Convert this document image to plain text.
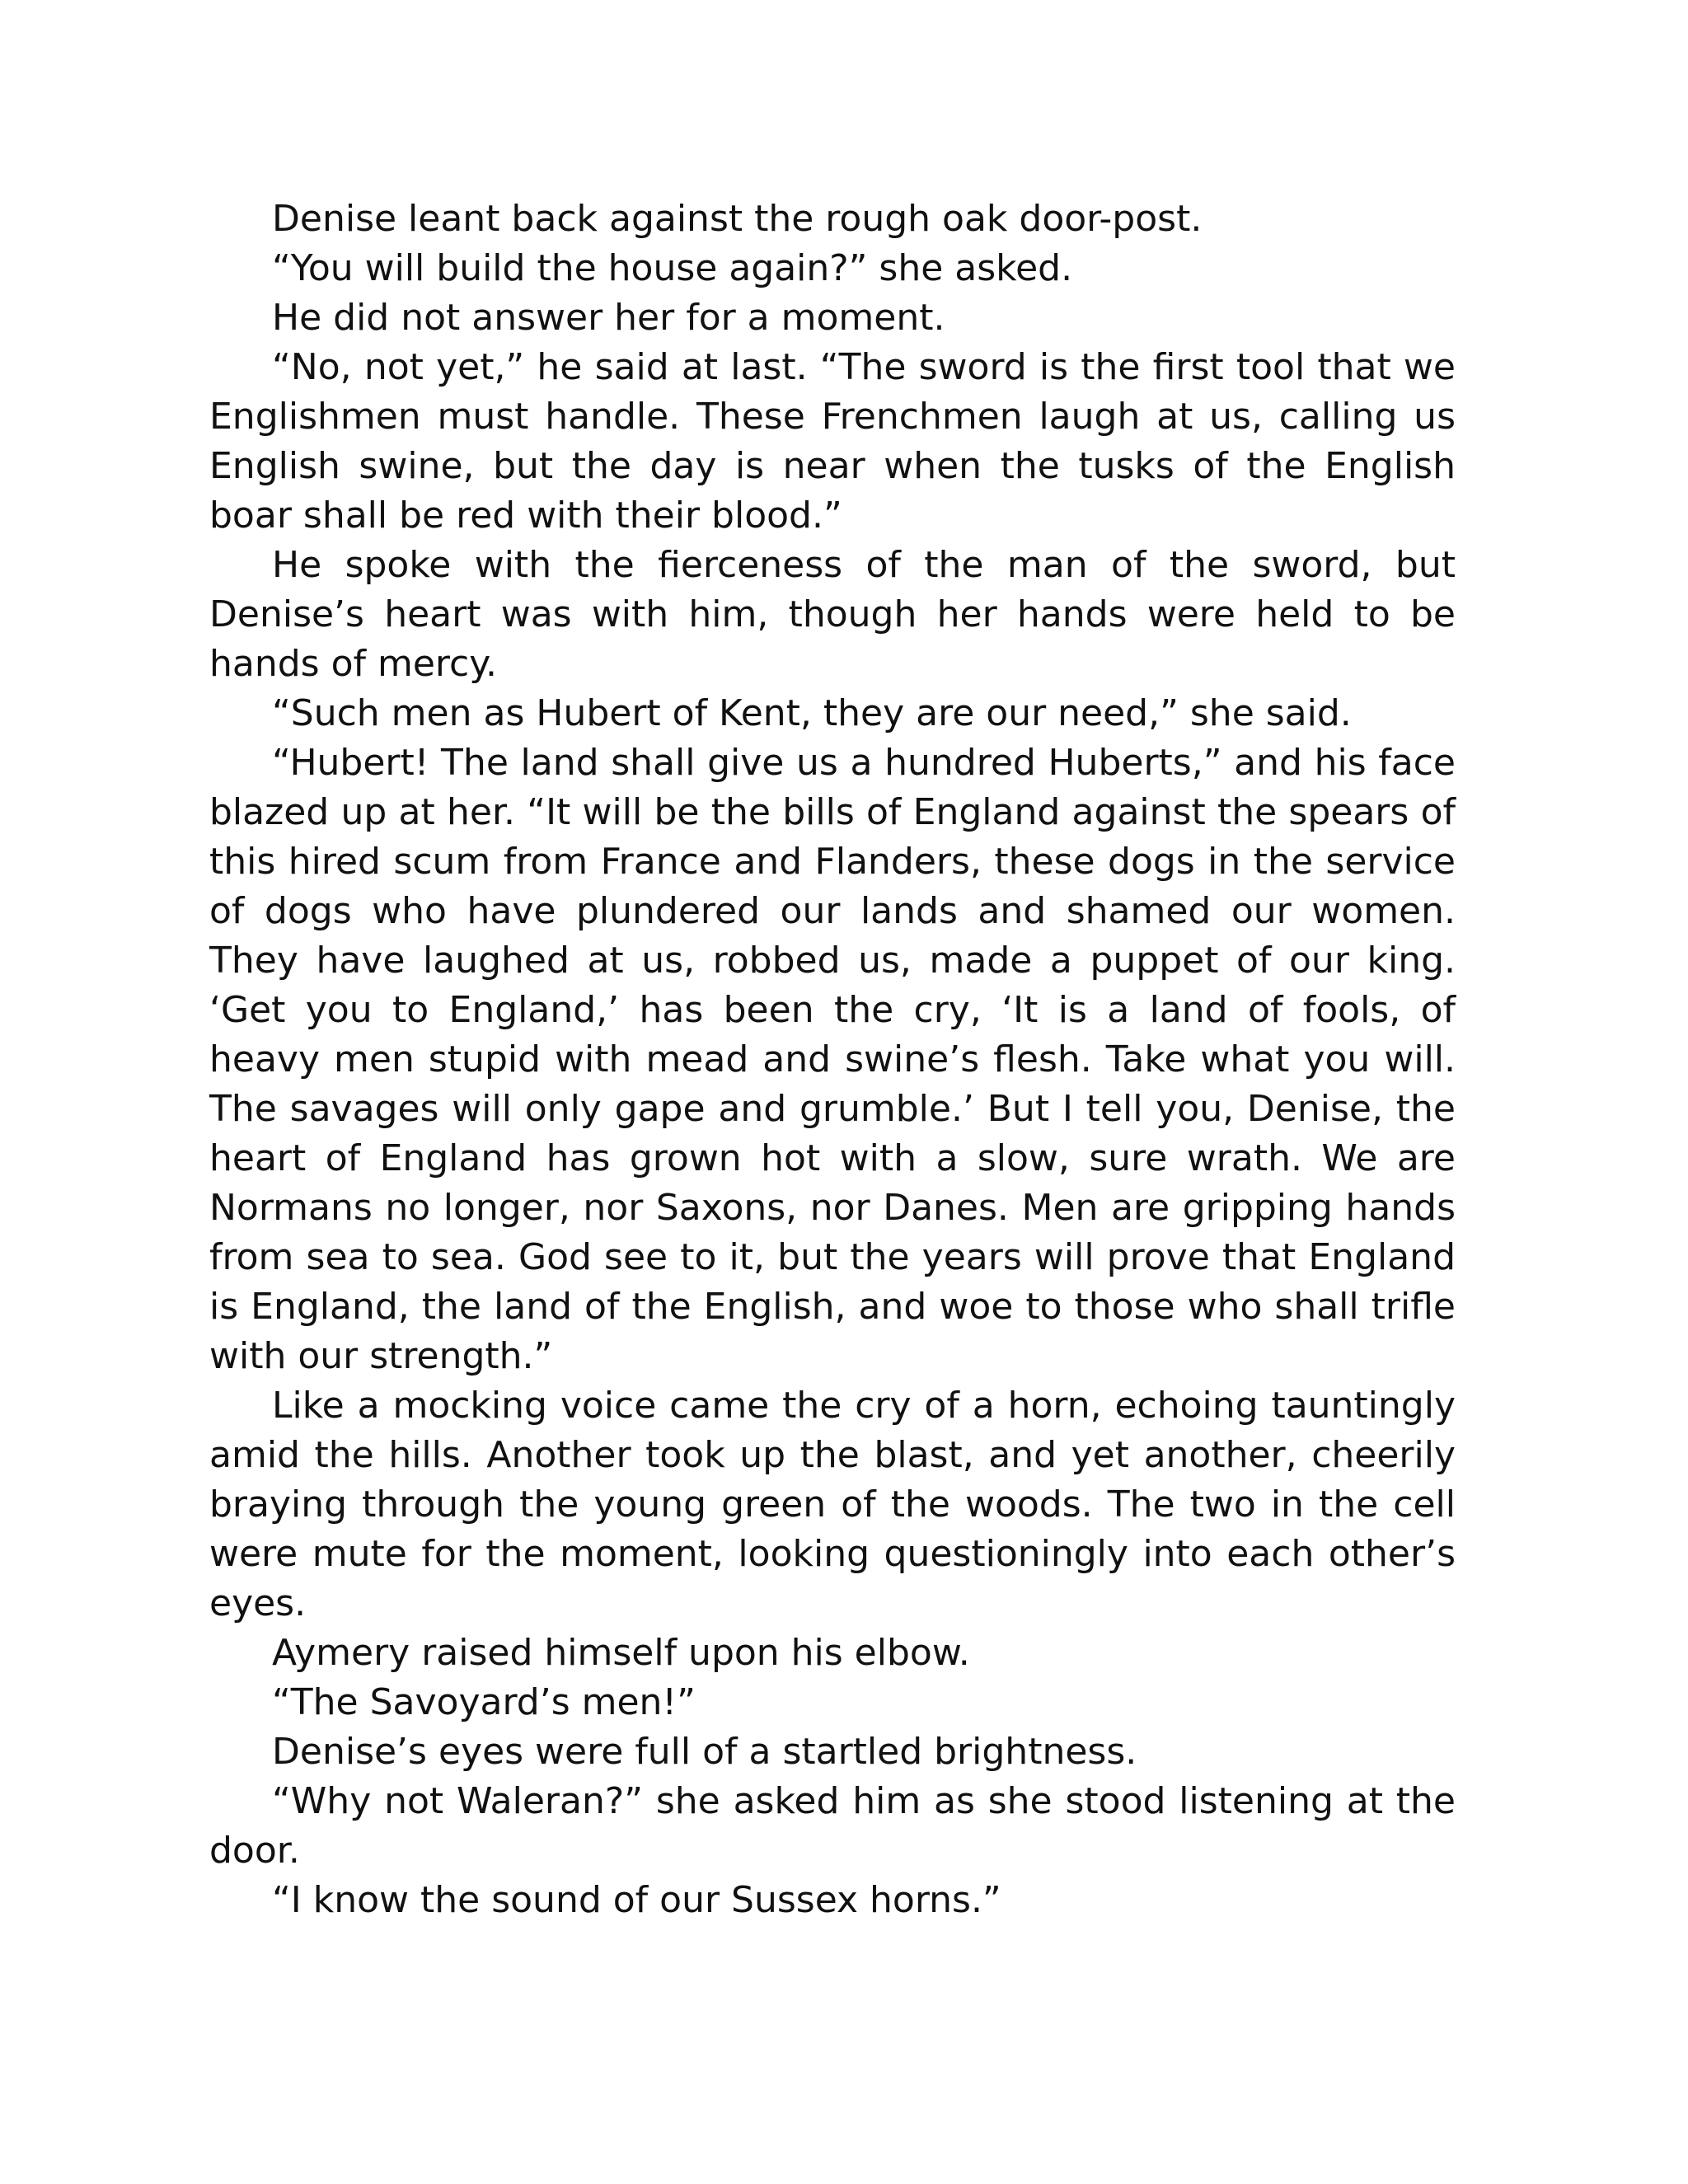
Denise leant back against the rough oak door-post.

“You will build the house again?” she asked.

He did not answer her for a moment.

“No, not yet,” he said at last. “The sword is the first tool that we Englishmen must handle. These Frenchmen laugh at us, calling us English swine, but the day is near when the tusks of the English boar shall be red with their blood.”

He spoke with the fierceness of the man of the sword, but Denise’s heart was with him, though her hands were held to be hands of mercy.

“Such men as Hubert of Kent, they are our need,” she said.

“Hubert! The land shall give us a hundred Huberts,” and his face blazed up at her. “It will be the bills of England against the spears of this hired scum from France and Flanders, these dogs in the service of dogs who have plundered our lands and shamed our women. They have laughed at us, robbed us, made a puppet of our king. ‘Get you to England,’ has been the cry, ‘It is a land of fools, of heavy men stupid with mead and swine’s flesh. Take what you will. The savages will only gape and grumble.’ But I tell you, Denise, the heart of England has grown hot with a slow, sure wrath. We are Normans no longer, nor Saxons, nor Danes. Men are gripping hands from sea to sea. God see to it, but the years will prove that England is England, the land of the English, and woe to those who shall trifle with our strength.”

Like a mocking voice came the cry of a horn, echoing tauntingly amid the hills. Another took up the blast, and yet another, cheerily braying through the young green of the woods. The two in the cell were mute for the moment, looking questioningly into each other’s eyes.

Aymery raised himself upon his elbow.

“The Savoyard’s men!”

Denise’s eyes were full of a startled brightness.

“Why not Waleran?” she asked him as she stood listening at the door.

“I know the sound of our Sussex horns.”
